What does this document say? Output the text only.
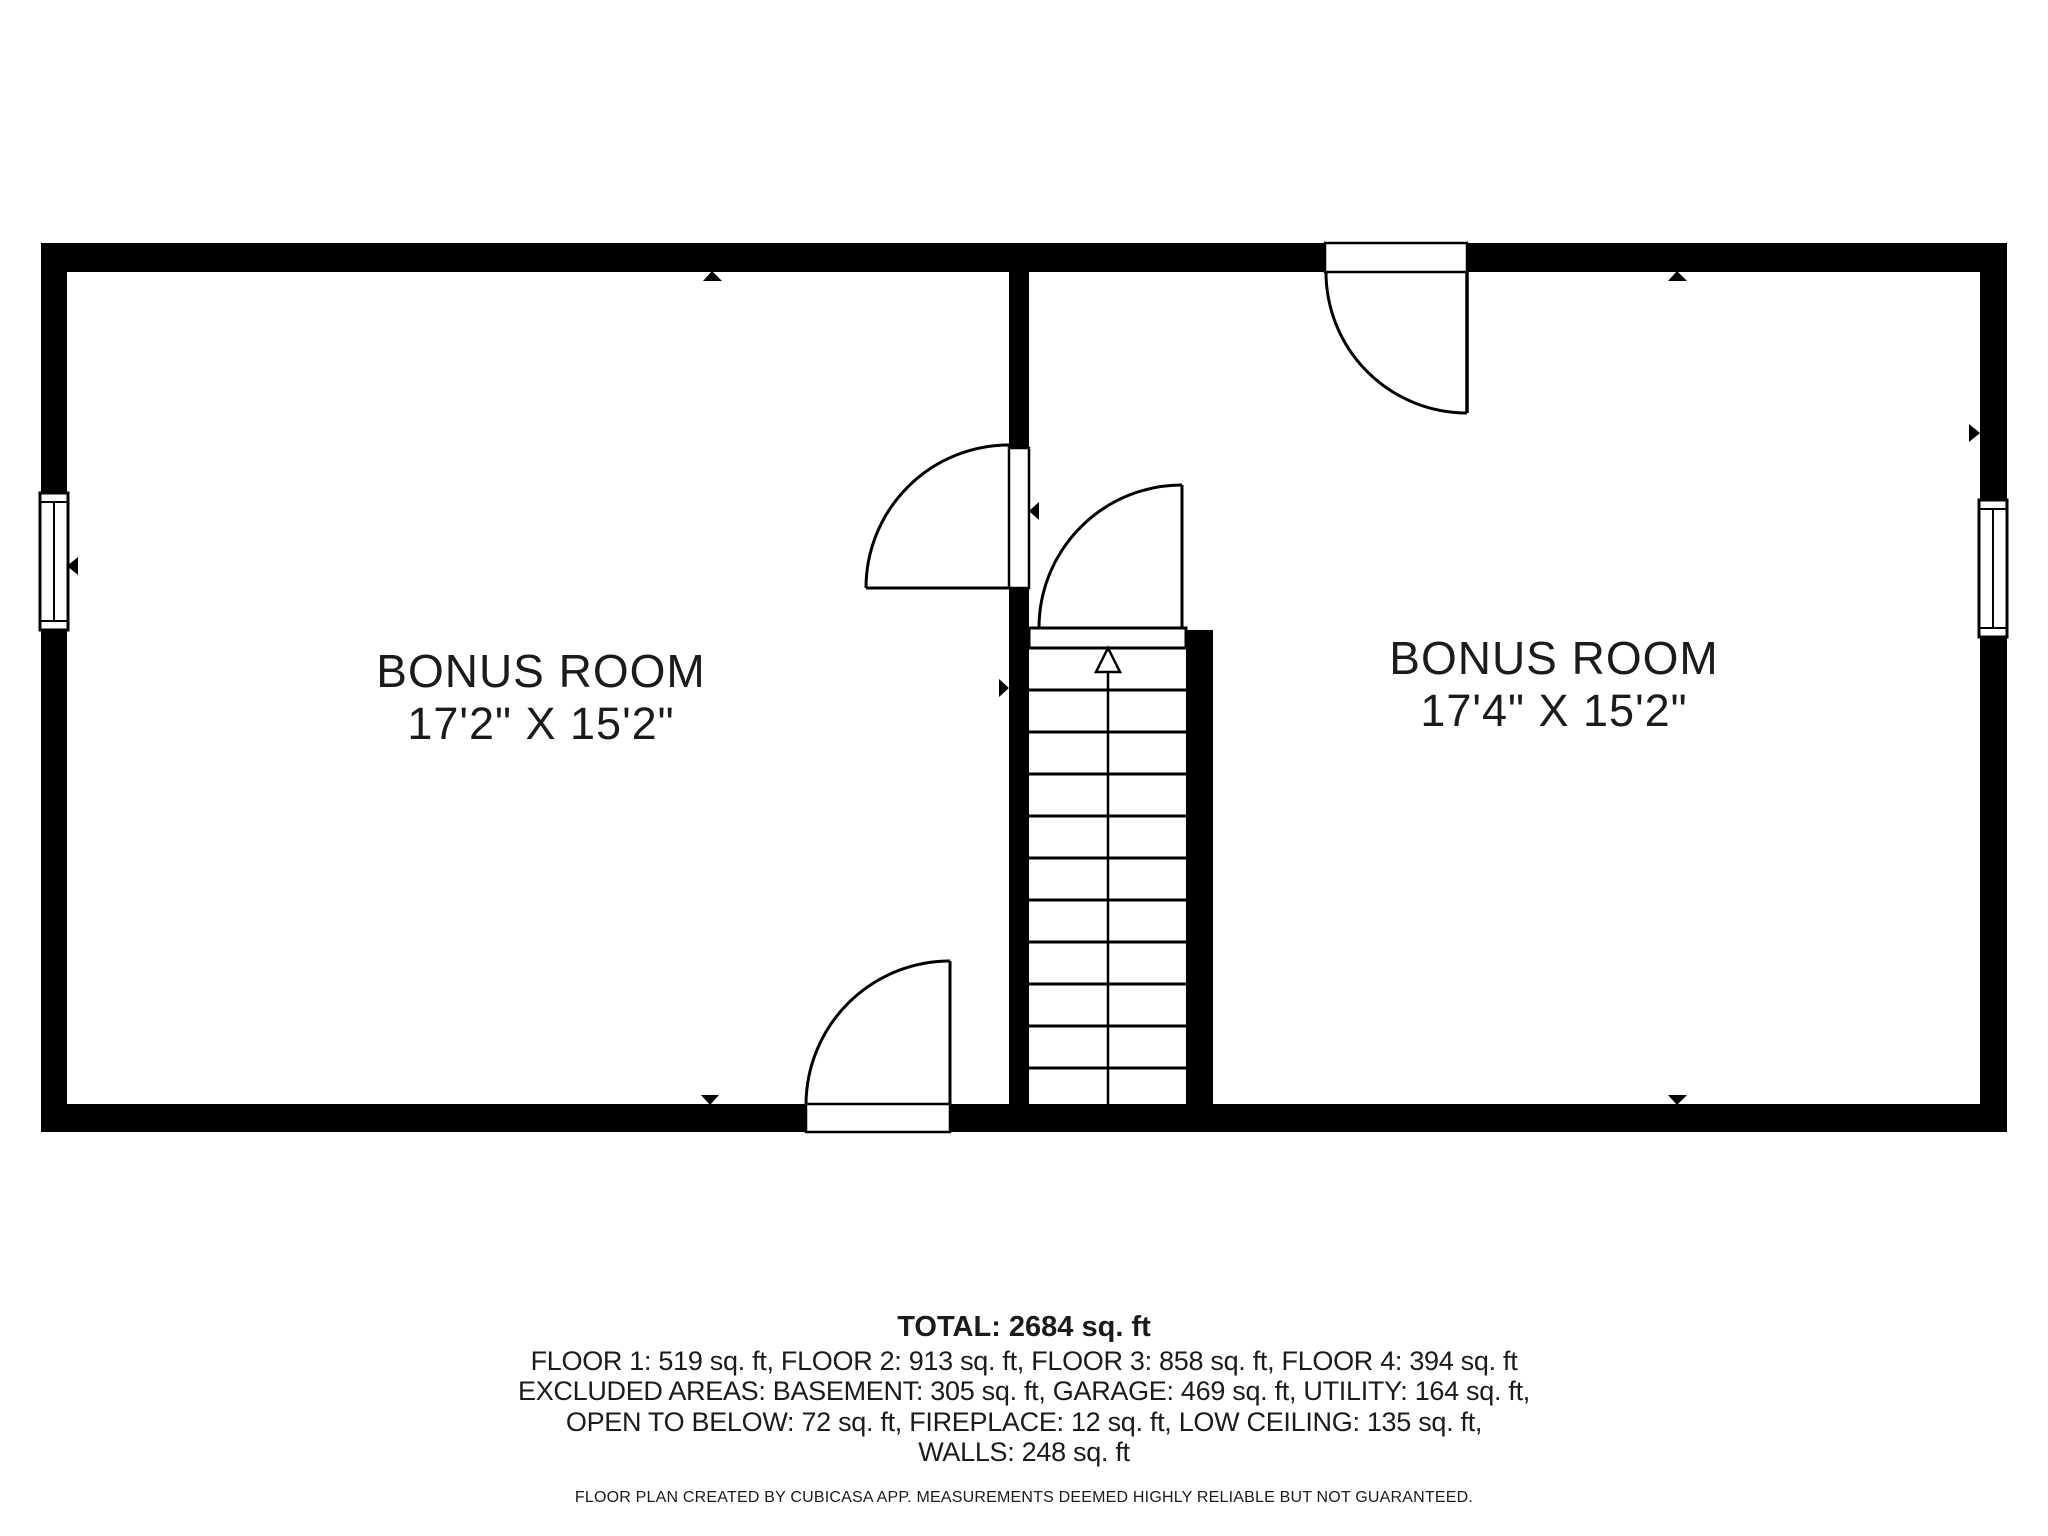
BONUS ROOM
17'2" X 15'2"
BONUS ROOM
17'4" X 15'2"
TOTAL: 2684 sq. ft
FLOOR 1: 519 sq. ft, FLOOR 2: 913 sq. ft, FLOOR 3: 858 sq. ft, FLOOR 4: 394 sq. ft
EXCLUDED AREAS: BASEMENT: 305 sq. ft, GARAGE: 469 sq. ft, UTILITY: 164 sq. ft,
OPEN TO BELOW: 72 sq. ft, FIREPLACE: 12 sq. ft, LOW CEILING: 135 sq. ft,
WALLS: 248 sq. ft
FLOOR PLAN CREATED BY CUBICASA APP. MEASUREMENTS DEEMED HIGHLY RELIABLE BUT NOT GUARANTEED.
